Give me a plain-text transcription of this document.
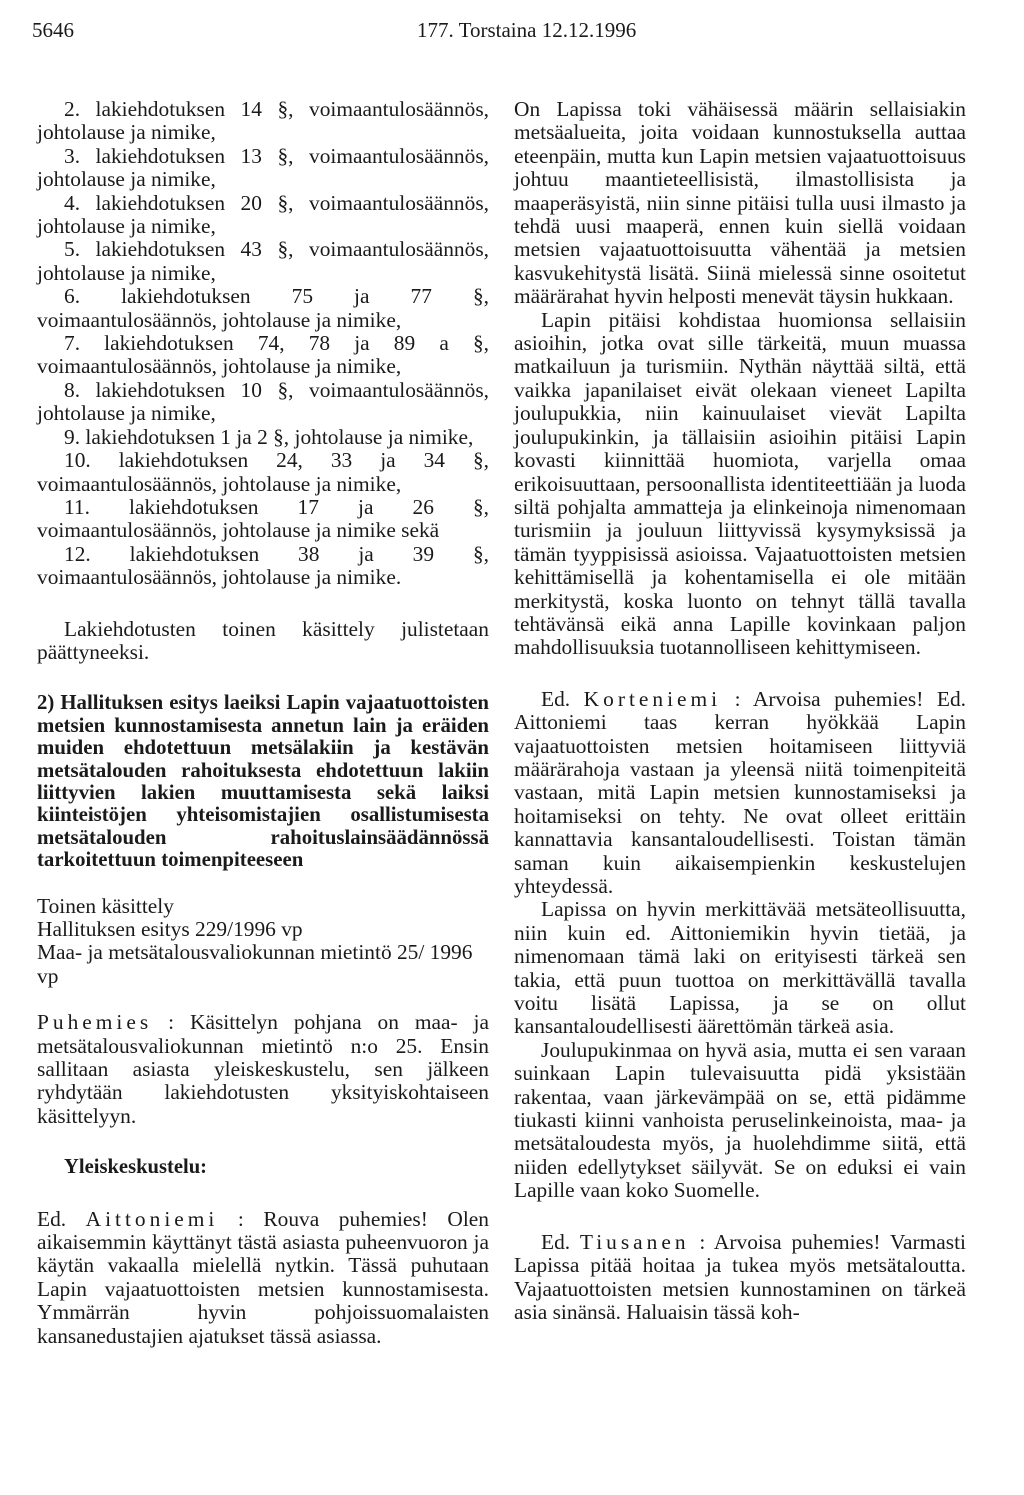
5646	177. Torstaina 12.12.1996

2. lakiehdotuksen 14 §, voimaantulosäännös, johtolause ja nimike,

3. lakiehdotuksen 13 §, voimaantulosäännös, johtolause ja nimike,

4. lakiehdotuksen 20 §, voimaantulosäännös, johtolause ja nimike,

5. lakiehdotuksen 43 §, voimaantulosäännös, johtolause ja nimike,

6. lakiehdotuksen 75 ja 77 §, voimaantulosäännös, johtolause ja nimike,

7. lakiehdotuksen 74, 78 ja 89 a §, voimaantulosäännös, johtolause ja nimike,

8. lakiehdotuksen 10 §, voimaantulosäännös, johtolause ja nimike,

9. lakiehdotuksen 1 ja 2 §, johtolause ja nimike,

10. lakiehdotuksen 24, 33 ja 34 §, voimaantulosäännös, johtolause ja nimike,

11. lakiehdotuksen 17 ja 26 §, voimaantulosäännös, johtolause ja nimike sekä

12. lakiehdotuksen 38 ja 39 §, voimaantulosäännös, johtolause ja nimike.

Lakiehdotusten toinen käsittely julistetaan päättyneeksi.

2) Hallituksen esitys laeiksi Lapin vajaatuottoisten metsien kunnostamisesta annetun lain ja eräiden muiden ehdotettuun metsälakiin ja kestävän metsätalouden rahoituksesta ehdotettuun lakiin liittyvien lakien muuttamisesta sekä laiksi kiinteistöjen yhteisomistajien osallistumisesta metsätalouden rahoituslainsäädännössä tarkoitettuun toimenpiteeseen

Toinen käsittely

Hallituksen esitys 229/1996 vp

Maa- ja metsätalousvaliokunnan mietintö 25/ 1996 vp

Puhemies : Käsittelyn pohjana on maa- ja metsätalousvaliokunnan mietintö n:o 25. Ensin sallitaan asiasta yleiskeskustelu, sen jälkeen ryhdytään lakiehdotusten yksityiskohtaiseen käsittelyyn.

Yleiskeskustelu:

Ed. Aittoniemi : Rouva puhemies! Olen aikaisemmin käyttänyt tästä asiasta puheenvuoron ja käytän vakaalla mielellä nytkin. Tässä puhutaan Lapin vajaatuottoisten metsien kunnostamisesta. Ymmärrän hyvin pohjoissuomalaisten kansanedustajien ajatukset tässä asiassa.

On Lapissa toki vähäisessä määrin sellaisiakin metsäalueita, joita voidaan kunnostuksella auttaa eteenpäin, mutta kun Lapin metsien vajaatuottoisuus johtuu maantieteellisistä, ilmastollisista ja maaperäsyistä, niin sinne pitäisi tulla uusi ilmasto ja tehdä uusi maaperä, ennen kuin siellä voidaan metsien vajaatuottoisuutta vähentää ja metsien kasvukehitystä lisätä. Siinä mielessä sinne osoitetut määrärahat hyvin helposti menevät täysin hukkaan.

Lapin pitäisi kohdistaa huomionsa sellaisiin asioihin, jotka ovat sille tärkeitä, muun muassa matkailuun ja turismiin. Nythän näyttää siltä, että vaikka japanilaiset eivät olekaan vieneet Lapilta joulupukkia, niin kainuulaiset vievät Lapilta joulupukinkin, ja tällaisiin asioihin pitäisi Lapin kovasti kiinnittää huomiota, varjella omaa erikoisuuttaan, persoonallista identiteettiään ja luoda siltä pohjalta ammatteja ja elinkeinoja nimenomaan turismiin ja jouluun liittyvissä kysymyksissä ja tämän tyyppisissä asioissa. Vajaatuottoisten metsien kehittämisellä ja kohentamisella ei ole mitään merkitystä, koska luonto on tehnyt tällä tavalla tehtävänsä eikä anna Lapille kovinkaan paljon mahdollisuuksia tuotannolliseen kehittymiseen.

Ed. Korteniemi : Arvoisa puhemies! Ed. Aittoniemi taas kerran hyökkää Lapin vajaatuottoisten metsien hoitamiseen liittyviä määrärahoja vastaan ja yleensä niitä toimenpiteitä vastaan, mitä Lapin metsien kunnostamiseksi ja hoitamiseksi on tehty. Ne ovat olleet erittäin kannattavia kansantaloudellisesti. Toistan tämän saman kuin aikaisempienkin keskustelujen yhteydessä.

Lapissa on hyvin merkittävää metsäteollisuutta, niin kuin ed. Aittoniemikin hyvin tietää, ja nimenomaan tämä laki on erityisesti tärkeä sen takia, että puun tuottoa on merkittävällä tavalla voitu lisätä Lapissa, ja se on ollut kansantaloudellisesti äärettömän tärkeä asia.

Joulupukinmaa on hyvä asia, mutta ei sen varaan suinkaan Lapin tulevaisuutta pidä yksistään rakentaa, vaan järkevämpää on se, että pidämme tiukasti kiinni vanhoista peruselinkeinoista, maa- ja metsätaloudesta myös, ja huolehdimme siitä, että niiden edellytykset säilyvät. Se on eduksi ei vain Lapille vaan koko Suomelle.

Ed. Tiusanen : Arvoisa puhemies! Varmasti Lapissa pitää hoitaa ja tukea myös metsätaloutta. Vajaatuottoisten metsien kunnostaminen on tärkeä asia sinänsä. Haluaisin tässä koh-
